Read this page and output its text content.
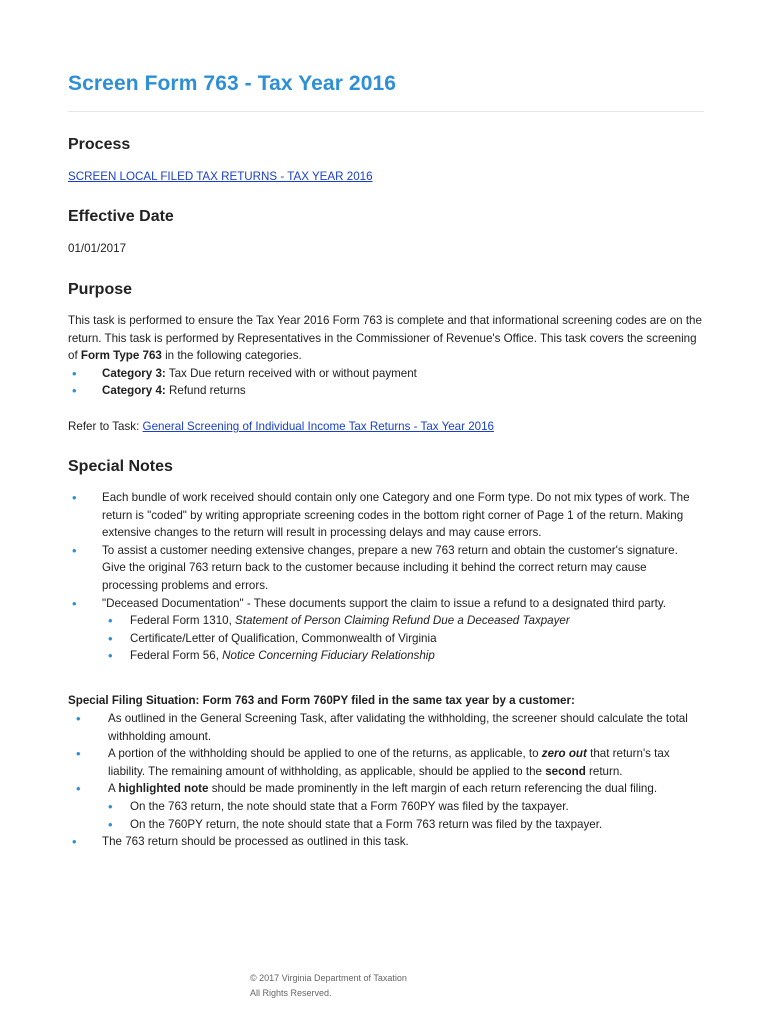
Screen Form 763 - Tax Year 2016
Process
SCREEN LOCAL FILED TAX RETURNS - TAX YEAR 2016
Effective Date
01/01/2017
Purpose
This task is performed to ensure the Tax Year 2016 Form 763 is complete and that informational screening codes are on the return. This task is performed by Representatives in the Commissioner of Revenue's Office. This task covers the screening of Form Type 763 in the following categories.
• Category 3: Tax Due return received with or without payment
• Category 4: Refund returns
Refer to Task: General Screening of Individual Income Tax Returns - Tax Year 2016
Special Notes
• Each bundle of work received should contain only one Category and one Form type. Do not mix types of work. The return is "coded" by writing appropriate screening codes in the bottom right corner of Page 1 of the return. Making extensive changes to the return will result in processing delays and may cause errors.
• To assist a customer needing extensive changes, prepare a new 763 return and obtain the customer's signature. Give the original 763 return back to the customer because including it behind the correct return may cause processing problems and errors.
• "Deceased Documentation" - These documents support the claim to issue a refund to a designated third party.
• Federal Form 1310, Statement of Person Claiming Refund Due a Deceased Taxpayer
• Certificate/Letter of Qualification, Commonwealth of Virginia
• Federal Form 56, Notice Concerning Fiduciary Relationship
Special Filing Situation: Form 763 and Form 760PY filed in the same tax year by a customer:
• As outlined in the General Screening Task, after validating the withholding, the screener should calculate the total withholding amount.
• A portion of the withholding should be applied to one of the returns, as applicable, to zero out that return's tax liability. The remaining amount of withholding, as applicable, should be applied to the second return.
• A highlighted note should be made prominently in the left margin of each return referencing the dual filing.
• On the 763 return, the note should state that a Form 760PY was filed by the taxpayer.
• On the 760PY return, the note should state that a Form 763 return was filed by the taxpayer.
• The 763 return should be processed as outlined in this task.
© 2017 Virginia Department of Taxation
All Rights Reserved.
